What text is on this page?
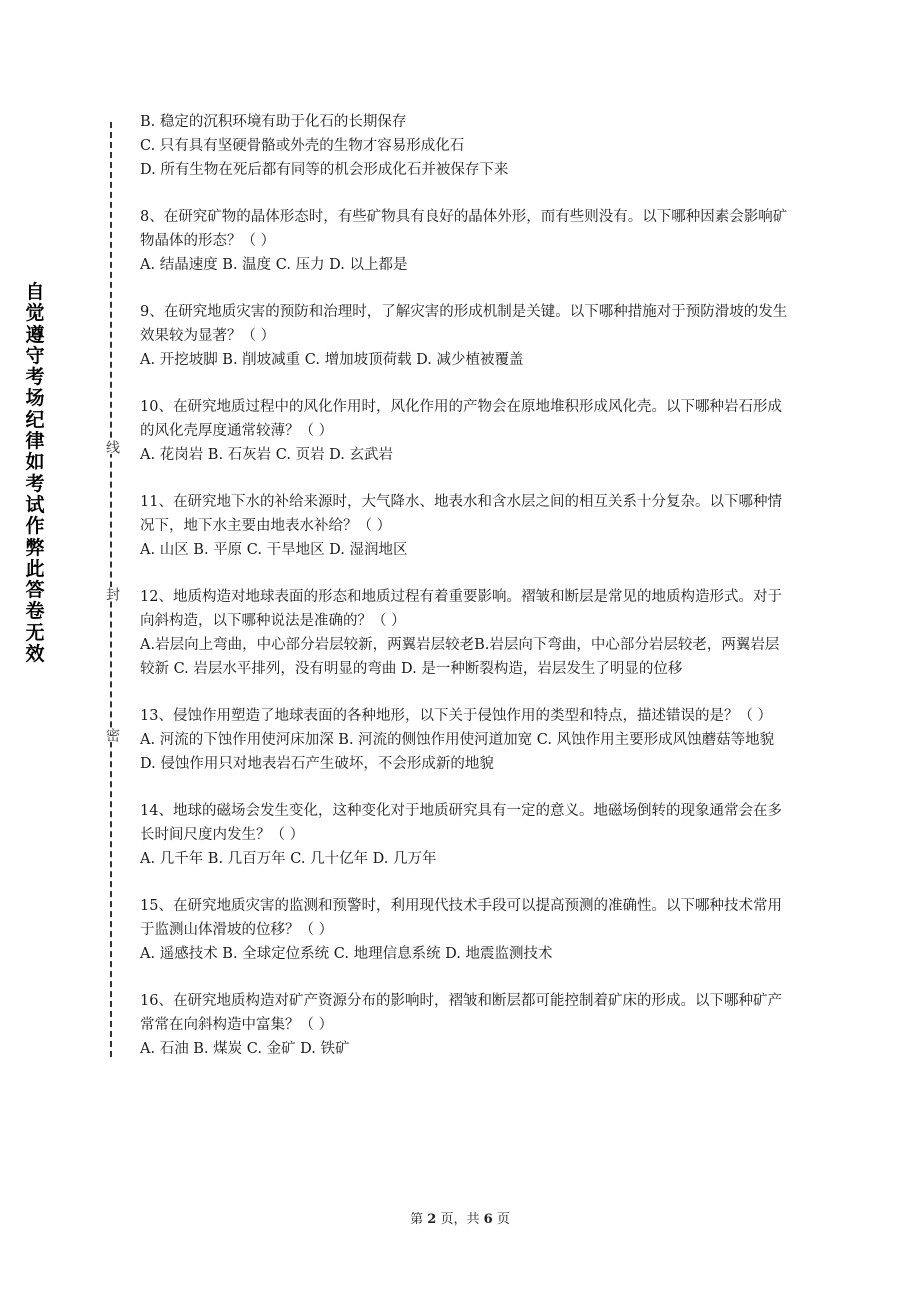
自觉遵守考场纪律如考试作弊此答卷无效
线
封
密

B. 稳定的沉积环境有助于化石的长期保存

C. 只有具有坚硬骨骼或外壳的生物才容易形成化石

D. 所有生物在死后都有同等的机会形成化石并被保存下来

8、在研究矿物的晶体形态时，有些矿物具有良好的晶体外形，而有些则没有。以下哪种因素会影响矿物晶体的形态？（ ）

A. 结晶速度 B. 温度 C. 压力 D. 以上都是

9、在研究地质灾害的预防和治理时，了解灾害的形成机制是关键。以下哪种措施对于预防滑坡的发生效果较为显著？（ ）

A. 开挖坡脚 B. 削坡减重 C. 增加坡顶荷载 D. 减少植被覆盖

10、在研究地质过程中的风化作用时，风化作用的产物会在原地堆积形成风化壳。以下哪种岩石形成的风化壳厚度通常较薄？（ ）

A. 花岗岩 B. 石灰岩 C. 页岩 D. 玄武岩

11、在研究地下水的补给来源时，大气降水、地表水和含水层之间的相互关系十分复杂。以下哪种情况下，地下水主要由地表水补给？（ ）

A. 山区 B. 平原 C. 干旱地区 D. 湿润地区

12、地质构造对地球表面的形态和地质过程有着重要影响。褶皱和断层是常见的地质构造形式。对于向斜构造，以下哪种说法是准确的？（ ）

A.岩层向上弯曲，中心部分岩层较新，两翼岩层较老B.岩层向下弯曲，中心部分岩层较老，两翼岩层较新 C. 岩层水平排列，没有明显的弯曲 D. 是一种断裂构造，岩层发生了明显的位移

13、侵蚀作用塑造了地球表面的各种地形，以下关于侵蚀作用的类型和特点，描述错误的是？（ ）

A. 河流的下蚀作用使河床加深 B. 河流的侧蚀作用使河道加宽 C. 风蚀作用主要形成风蚀蘑菇等地貌 D. 侵蚀作用只对地表岩石产生破坏，不会形成新的地貌

14、地球的磁场会发生变化，这种变化对于地质研究具有一定的意义。地磁场倒转的现象通常会在多长时间尺度内发生？（ ）

A. 几千年 B. 几百万年 C. 几十亿年 D. 几万年

15、在研究地质灾害的监测和预警时，利用现代技术手段可以提高预测的准确性。以下哪种技术常用于监测山体滑坡的位移？（ ）

A. 遥感技术 B. 全球定位系统 C. 地理信息系统 D. 地震监测技术

16、在研究地质构造对矿产资源分布的影响时，褶皱和断层都可能控制着矿床的形成。以下哪种矿产常常在向斜构造中富集？（ ）

A. 石油 B. 煤炭 C. 金矿 D. 铁矿

第 2 页，共 6 页
